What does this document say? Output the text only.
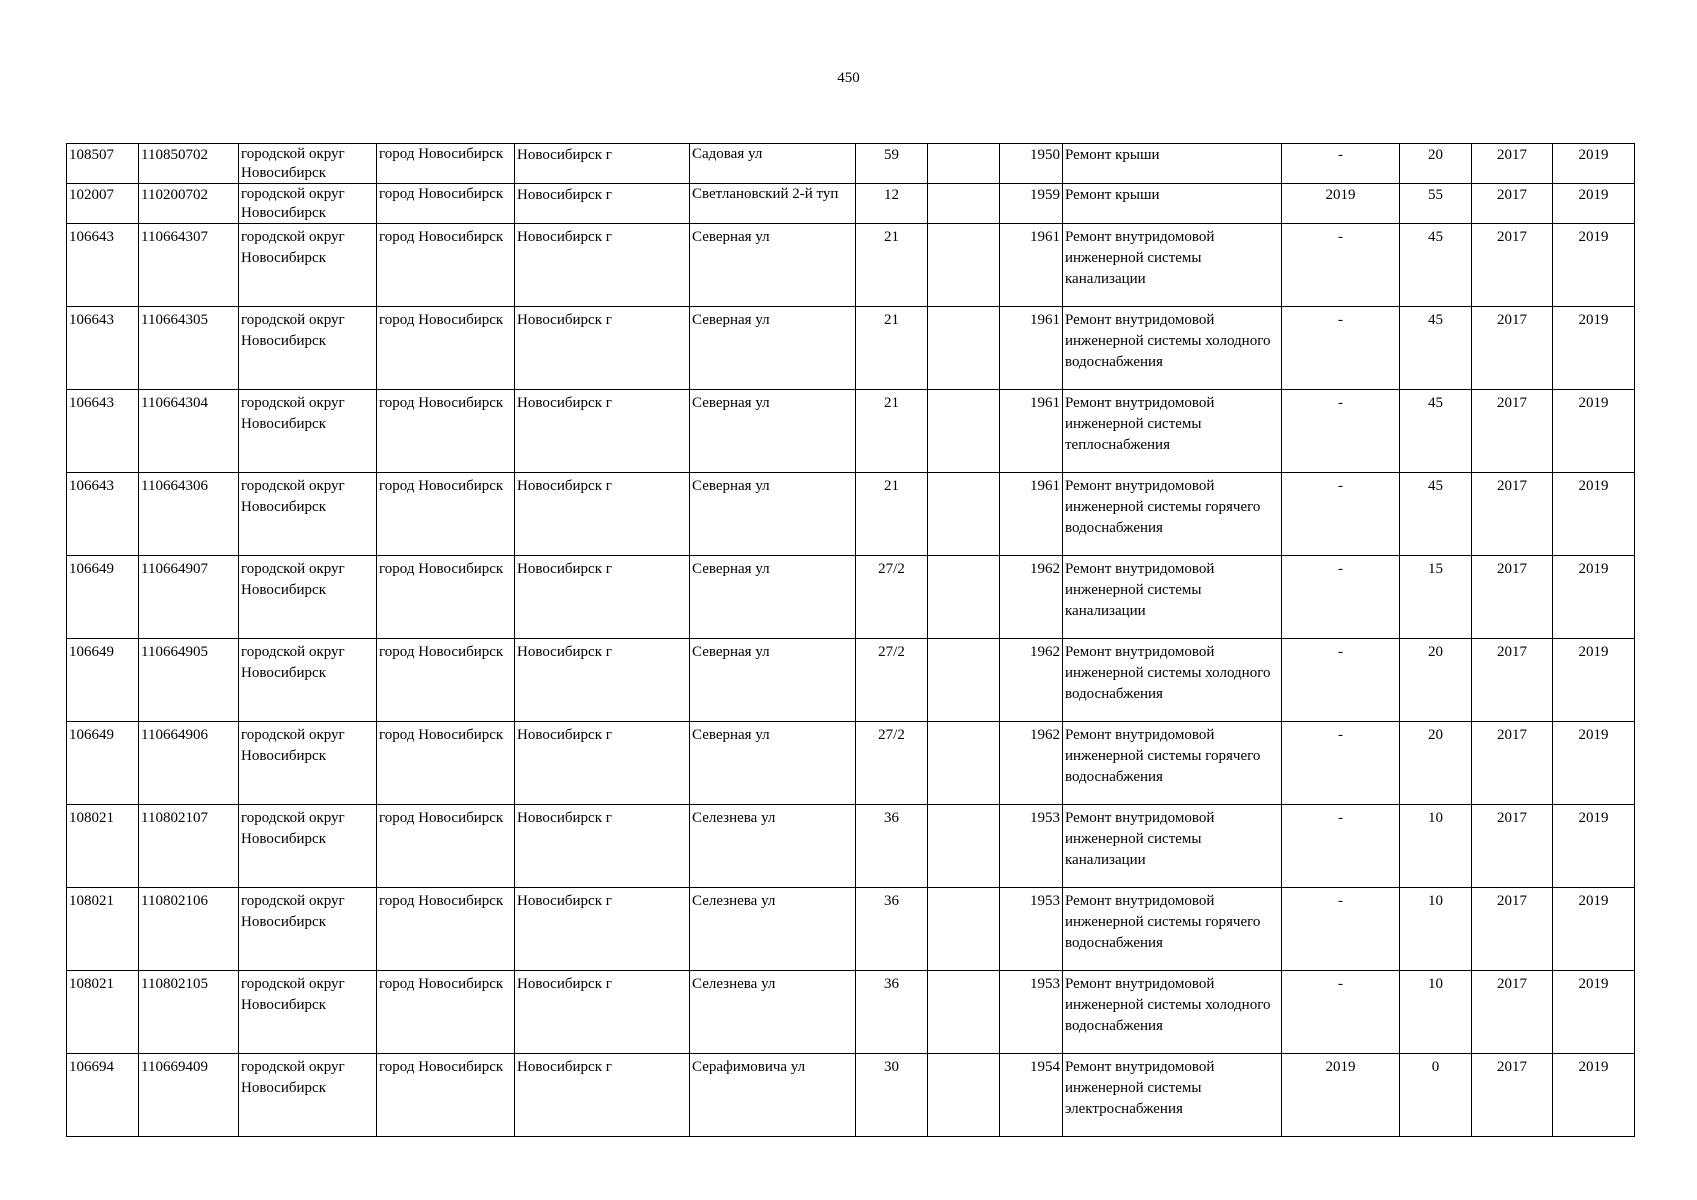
450
108507	110850702	городской округ Новосибирск	город Новосибирск	Новосибирск г	Садовая ул	59		1950	Ремонт крыши	-	20	2017	2019
102007	110200702	городской округ Новосибирск	город Новосибирск	Новосибирск г	Светлановский 2-й туп	12		1959	Ремонт крыши	2019	55	2017	2019
106643	110664307	городской округ Новосибирск	город Новосибирск	Новосибирск г	Северная ул	21		1961	Ремонт внутридомовой инженерной системы канализации	-	45	2017	2019
106643	110664305	городской округ Новосибирск	город Новосибирск	Новосибирск г	Северная ул	21		1961	Ремонт внутридомовой инженерной системы холодного водоснабжения	-	45	2017	2019
106643	110664304	городской округ Новосибирск	город Новосибирск	Новосибирск г	Северная ул	21		1961	Ремонт внутридомовой инженерной системы теплоснабжения	-	45	2017	2019
106643	110664306	городской округ Новосибирск	город Новосибирск	Новосибирск г	Северная ул	21		1961	Ремонт внутридомовой инженерной системы горячего водоснабжения	-	45	2017	2019
106649	110664907	городской округ Новосибирск	город Новосибирск	Новосибирск г	Северная ул	27/2		1962	Ремонт внутридомовой инженерной системы канализации	-	15	2017	2019
106649	110664905	городской округ Новосибирск	город Новосибирск	Новосибирск г	Северная ул	27/2		1962	Ремонт внутридомовой инженерной системы холодного водоснабжения	-	20	2017	2019
106649	110664906	городской округ Новосибирск	город Новосибирск	Новосибирск г	Северная ул	27/2		1962	Ремонт внутридомовой инженерной системы горячего водоснабжения	-	20	2017	2019
108021	110802107	городской округ Новосибирск	город Новосибирск	Новосибирск г	Селезнева ул	36		1953	Ремонт внутридомовой инженерной системы канализации	-	10	2017	2019
108021	110802106	городской округ Новосибирск	город Новосибирск	Новосибирск г	Селезнева ул	36		1953	Ремонт внутридомовой инженерной системы горячего водоснабжения	-	10	2017	2019
108021	110802105	городской округ Новосибирск	город Новосибирск	Новосибирск г	Селезнева ул	36		1953	Ремонт внутридомовой инженерной системы холодного водоснабжения	-	10	2017	2019
106694	110669409	городской округ Новосибирск	город Новосибирск	Новосибирск г	Серафимовича ул	30		1954	Ремонт внутридомовой инженерной системы электроснабжения	2019	0	2017	2019
